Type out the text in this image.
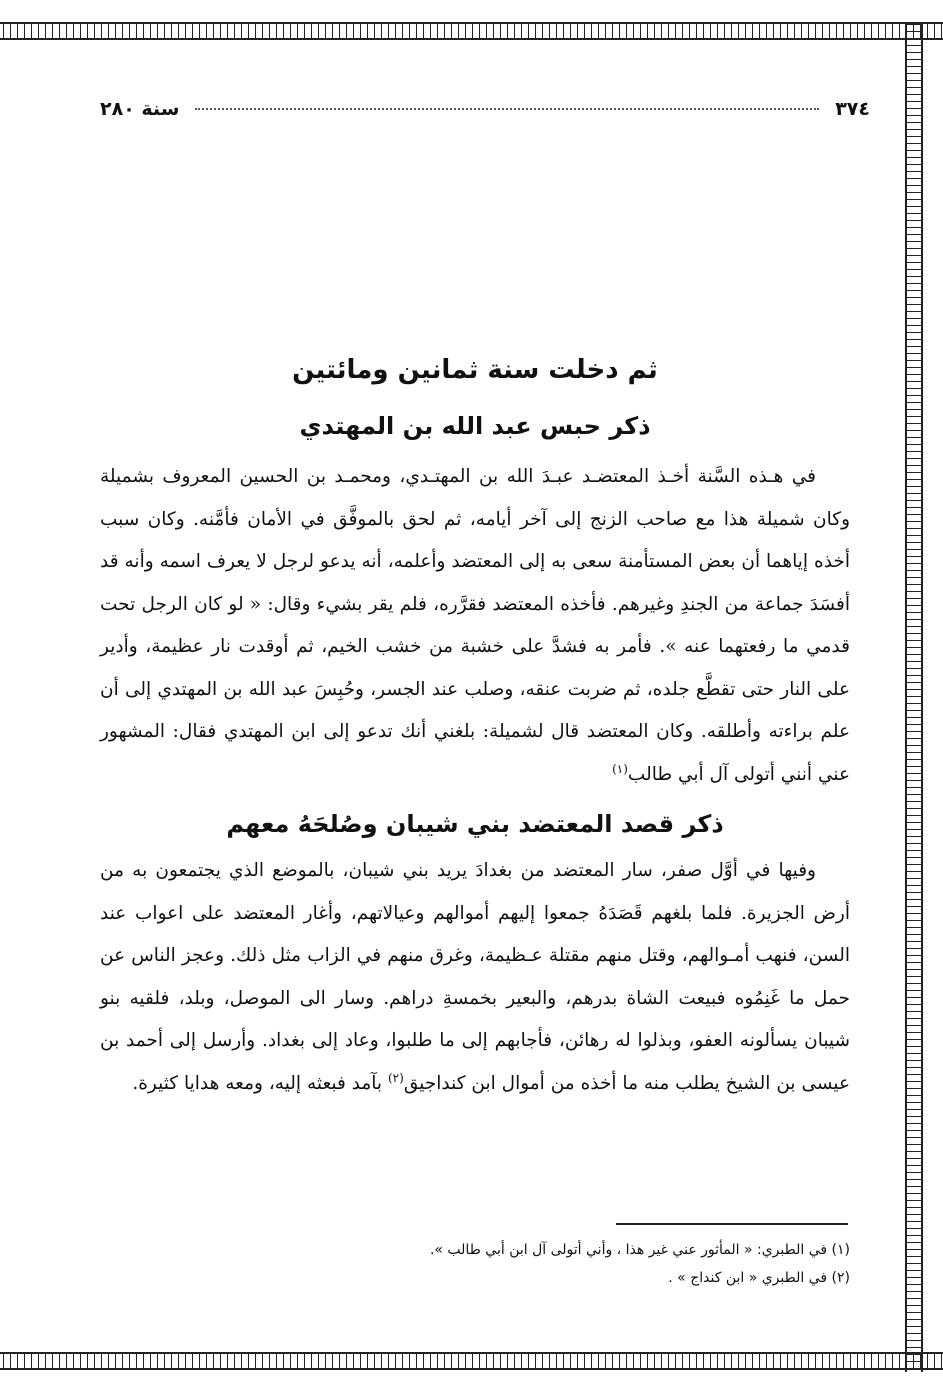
٣٧٤
سنة ٢٨٠
ثم دخلت سنة ثمانين ومائتين
ذكر حبس عبد الله بن المهتدي

في هـذه السَّنة أخـذ المعتضـد عبـدَ الله بن المهتـدي، ومحمـد بن الحسين المعروف بشميلة وكان شميلة هذا مع صاحب الزنج إلى آخر أيامه، ثم لحق بالموفَّق في الأمان فأمَّنه. وكان سبب أخذه إياهما أن بعض المستأمنة سعى به إلى المعتضد وأعلمه، أنه يدعو لرجل لا يعرف اسمه وأنه قد أفسَدَ جماعة من الجندِ وغيرهم. فأخذه المعتضد فقرَّره، فلم يقر بشيء وقال: « لو كان الرجل تحت قدمي ما رفعتهما عنه ». فأمر به فشدَّ على خشبة من خشب الخيم، ثم أوقدت نار عظيمة، وأدير على النار حتى تقطَّع جلده، ثم ضربت عنقه، وصلب عند الجسر، وحُبِسَ عبد الله بن المهتدي إلى أن علم براءته وأطلقه. وكان المعتضد قال لشميلة: بلغني أنك تدعو إلى ابن المهتدي فقال: المشهور عني أنني أتولى آل أبي طالب$^{(١)}$

ذكر قصد المعتضد بني شيبان وصُلحَهُ معهم

وفيها في أوَّل صفر، سار المعتضد من بغدادَ يريد بني شيبان، بالموضع الذي يجتمعون به من أرض الجزيرة. فلما بلغهم قَصَدَهُ جمعوا إليهم أموالهم وعيالاتهم، وأغار المعتضد على اعواب عند السن، فنهب أمـوالهم، وقتل منهم مقتلة عـظيمة، وغرق منهم في الزاب مثل ذلك. وعجز الناس عن حمل ما غَنِمُوه فبيعت الشاة بدرهم، والبعير بخمسةِ دراهم. وسار الى الموصل، وبلد، فلقيه بنو شيبان يسألونه العفو، وبذلوا له رهائن، فأجابهم إلى ما طلبوا، وعاد إلى بغداد. وأرسل إلى أحمد بن عيسى بن الشيخ يطلب منه ما أخذه من أموال ابن كنداجيق$^{(٢)}$ بآمد فبعثه إليه، ومعه هدايا كثيرة.

(١) في الطبري: « المأثور عني غير هذا ، وأني أتولى آل ابن أبي طالب ».
(٢) في الطبري « ابن كنداج » .
